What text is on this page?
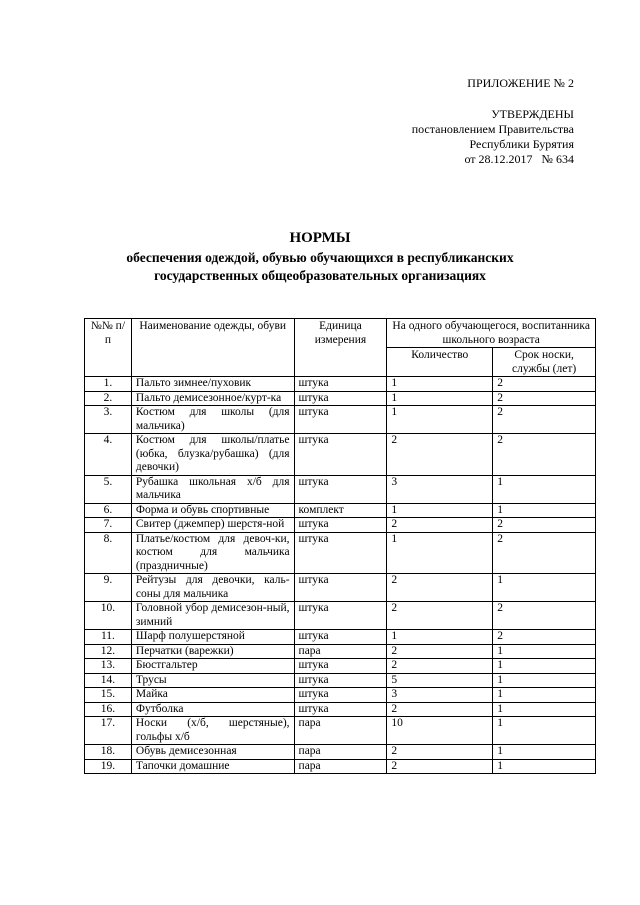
ПРИЛОЖЕНИЕ № 2
УТВЕРЖДЕНЫ
постановлением Правительства
Республики Бурятия
от 28.12.2017   № 634
НОРМЫ
обеспечения одеждой, обувью обучающихся в республиканских
государственных общеобразовательных организациях
№№ п/п	Наименование одежды, обуви	Единица измерения	На одного обучающегося, воспитанника школьного возраста	
			Количество	Срок носки, службы (лет)
1.	Пальто зимнее/пуховик	штука	1	2
2.	Пальто демисезонное/курт-ка	штука	1	2
3.	Костюм для школы (для мальчика)	штука	1	2
4.	Костюм для школы/платье (юбка, блузка/рубашка) (для девочки)	штука	2	2
5.	Рубашка школьная х/б для мальчика	штука	3	1
6.	Форма и обувь спортивные	комплект	1	1
7.	Свитер (джемпер) шерстя-ной	штука	2	2
8.	Платье/костюм для девоч-ки, костюм для мальчика (праздничные)	штука	1	2
9.	Рейтузы для девочки, каль-соны для мальчика	штука	2	1
10.	Головной убор демисезон-ный, зимний	штука	2	2
11.	Шарф полушерстяной	штука	1	2
12.	Перчатки (варежки)	пара	2	1
13.	Бюстгальтер	штука	2	1
14.	Трусы	штука	5	1
15.	Майка	штука	3	1
16.	Футболка	штука	2	1
17.	Носки (х/б, шерстяные), гольфы х/б	пара	10	1
18.	Обувь демисезонная	пара	2	1
19.	Тапочки домашние	пара	2	1
